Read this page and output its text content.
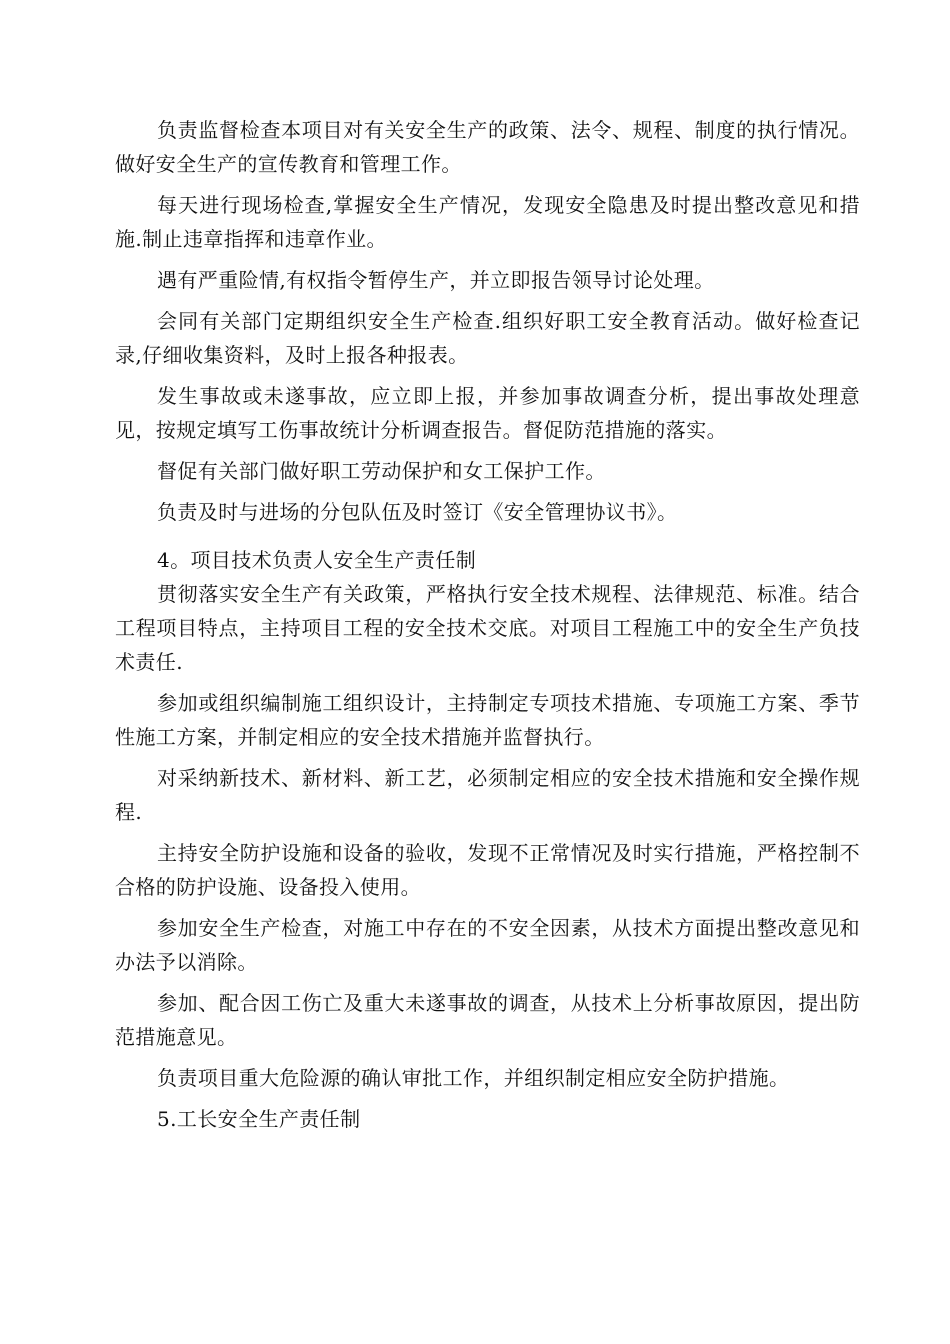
负责监督检查本项目对有关安全生产的政策、法令、规程、制度的执行情况。做好安全生产的宣传教育和管理工作。

每天进行现场检查,掌握安全生产情况，发现安全隐患及时提出整改意见和措施.制止违章指挥和违章作业。

遇有严重险情,有权指令暂停生产，并立即报告领导讨论处理。

会同有关部门定期组织安全生产检查.组织好职工安全教育活动。做好检查记录,仔细收集资料，及时上报各种报表。

发生事故或未遂事故，应立即上报，并参加事故调查分析，提出事故处理意见，按规定填写工伤事故统计分析调查报告。督促防范措施的落实。

督促有关部门做好职工劳动保护和女工保护工作。

负责及时与进场的分包队伍及时签订《安全管理协议书》。

4。项目技术负责人安全生产责任制

贯彻落实安全生产有关政策，严格执行安全技术规程、法律规范、标准。结合工程项目特点，主持项目工程的安全技术交底。对项目工程施工中的安全生产负技术责任.

参加或组织编制施工组织设计，主持制定专项技术措施、专项施工方案、季节性施工方案，并制定相应的安全技术措施并监督执行。

对采纳新技术、新材料、新工艺，必须制定相应的安全技术措施和安全操作规程.

主持安全防护设施和设备的验收，发现不正常情况及时实行措施，严格控制不合格的防护设施、设备投入使用。

参加安全生产检查，对施工中存在的不安全因素，从技术方面提出整改意见和办法予以消除。

参加、配合因工伤亡及重大未遂事故的调查，从技术上分析事故原因，提出防范措施意见。

负责项目重大危险源的确认审批工作，并组织制定相应安全防护措施。

5.工长安全生产责任制
